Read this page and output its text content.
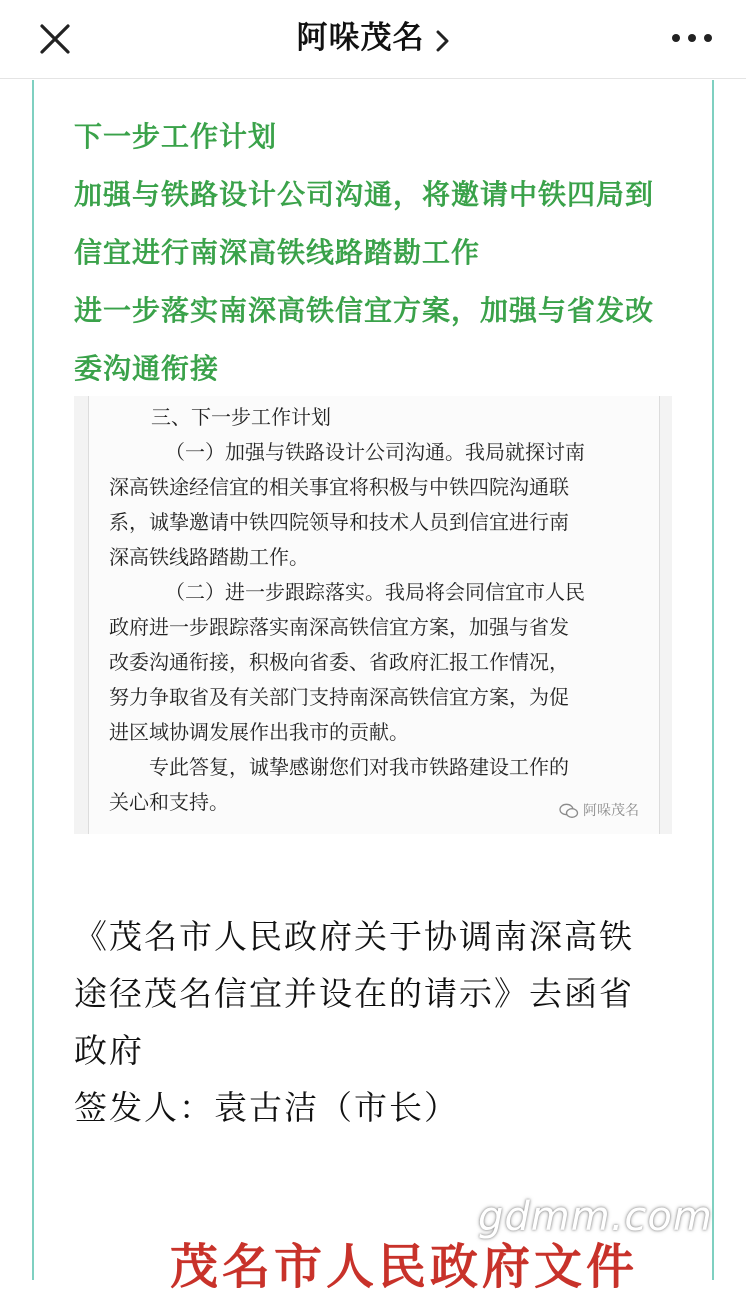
阿哚茂名
下一步工作计划
加强与铁路设计公司沟通，将邀请中铁四局到
信宜进行南深高铁线路踏勘工作
进一步落实南深高铁信宜方案，加强与省发改
委沟通衔接
三、下一步工作计划
（一）加强与铁路设计公司沟通。我局就探讨南
深高铁途经信宜的相关事宜将积极与中铁四院沟通联
系，诚挚邀请中铁四院领导和技术人员到信宜进行南
深高铁线路踏勘工作。
（二）进一步跟踪落实。我局将会同信宜市人民
政府进一步跟踪落实南深高铁信宜方案，加强与省发
改委沟通衔接，积极向省委、省政府汇报工作情况，
努力争取省及有关部门支持南深高铁信宜方案，为促
进区域协调发展作出我市的贡献。
专此答复，诚挚感谢您们对我市铁路建设工作的
关心和支持。	阿哚茂名
《茂名市人民政府关于协调南深高铁
途径茂名信宜并设在的请示》去函省
政府
签发人：袁古洁（市长）
茂名市人民政府文件
gdmm.com
